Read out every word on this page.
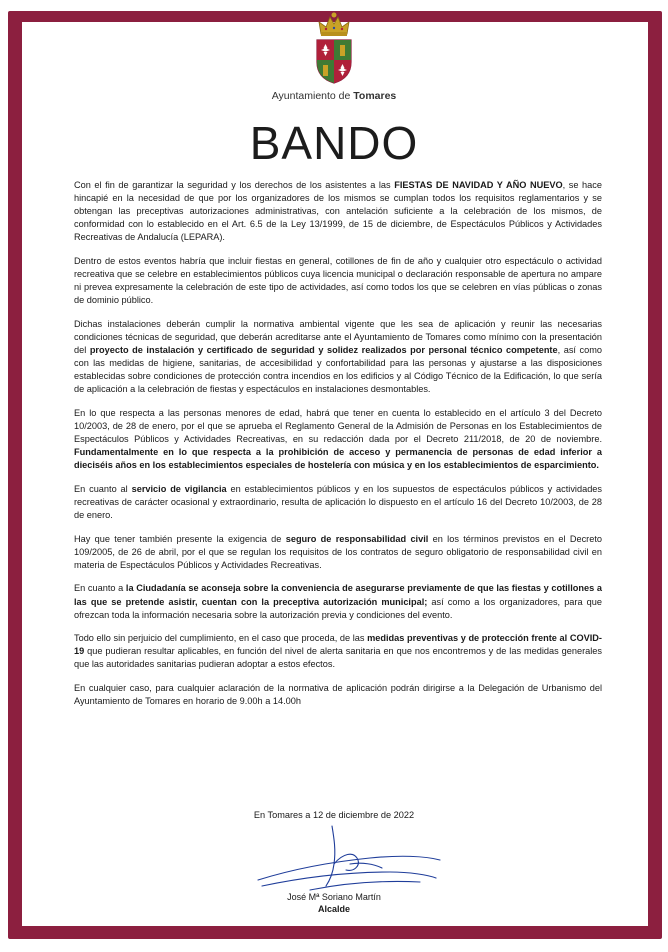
Ayuntamiento de Tomares
BANDO

Con el fin de garantizar la seguridad y los derechos de los asistentes a las FIESTAS DE NAVIDAD Y AÑO NUEVO, se hace hincapié en la necesidad de que por los organizadores de los mismos se cumplan todos los requisitos reglamentarios y se obtengan las preceptivas autorizaciones administrativas, con antelación suficiente a la celebración de los mismos, de conformidad con lo establecido en el Art. 6.5 de la Ley 13/1999, de 15 de diciembre, de Espectáculos Públicos y Actividades Recreativas de Andalucía (LEPARA).

Dentro de estos eventos habría que incluir fiestas en general, cotillones de fin de año y cualquier otro espectáculo o actividad recreativa que se celebre en establecimientos públicos cuya licencia municipal o declaración responsable de apertura no ampare ni prevea expresamente la celebración de este tipo de actividades, así como todos los que se celebren en vías públicas o zonas de dominio público.

Dichas instalaciones deberán cumplir la normativa ambiental vigente que les sea de aplicación y reunir las necesarias condiciones técnicas de seguridad, que deberán acreditarse ante el Ayuntamiento de Tomares como mínimo con la presentación del proyecto de instalación y certificado de seguridad y solidez realizados por personal técnico competente, así como con las medidas de higiene, sanitarias, de accesibilidad y confortabilidad para las personas y ajustarse a las disposiciones establecidas sobre condiciones de protección contra incendios en los edificios y al Código Técnico de la Edificación, lo que sería de aplicación a la celebración de fiestas y espectáculos en instalaciones desmontables.

En lo que respecta a las personas menores de edad, habrá que tener en cuenta lo establecido en el artículo 3 del Decreto 10/2003, de 28 de enero, por el que se aprueba el Reglamento General de la Admisión de Personas en los Establecimientos de Espectáculos Públicos y Actividades Recreativas, en su redacción dada por el Decreto 211/2018, de 20 de noviembre. Fundamentalmente en lo que respecta a la prohibición de acceso y permanencia de personas de edad inferior a dieciséis años en los establecimientos especiales de hostelería con música y en los establecimientos de esparcimiento.

En cuanto al servicio de vigilancia en establecimientos públicos y en los supuestos de espectáculos públicos y actividades recreativas de carácter ocasional y extraordinario, resulta de aplicación lo dispuesto en el artículo 16 del Decreto 10/2003, de 28 de enero.

Hay que tener también presente la exigencia de seguro de responsabilidad civil en los términos previstos en el Decreto 109/2005, de 26 de abril, por el que se regulan los requisitos de los contratos de seguro obligatorio de responsabilidad civil en materia de Espectáculos Públicos y Actividades Recreativas.

En cuanto a la Ciudadanía se aconseja sobre la conveniencia de asegurarse previamente de que las fiestas y cotillones a las que se pretende asistir, cuentan con la preceptiva autorización municipal; así como a los organizadores, para que ofrezcan toda la información necesaria sobre la autorización previa y condiciones del evento.

Todo ello sin perjuicio del cumplimiento, en el caso que proceda, de las medidas preventivas y de protección frente al COVID- 19 que pudieran resultar aplicables, en función del nivel de alerta sanitaria en que nos encontremos y de las medidas generales que las autoridades sanitarias pudieran adoptar a estos efectos.

En cualquier caso, para cualquier aclaración de la normativa de aplicación podrán dirigirse a la Delegación de Urbanismo del Ayuntamiento de Tomares en horario de 9.00h a 14.00h

En Tomares a 12 de diciembre de 2022
José Mª Soriano Martín
Alcalde
